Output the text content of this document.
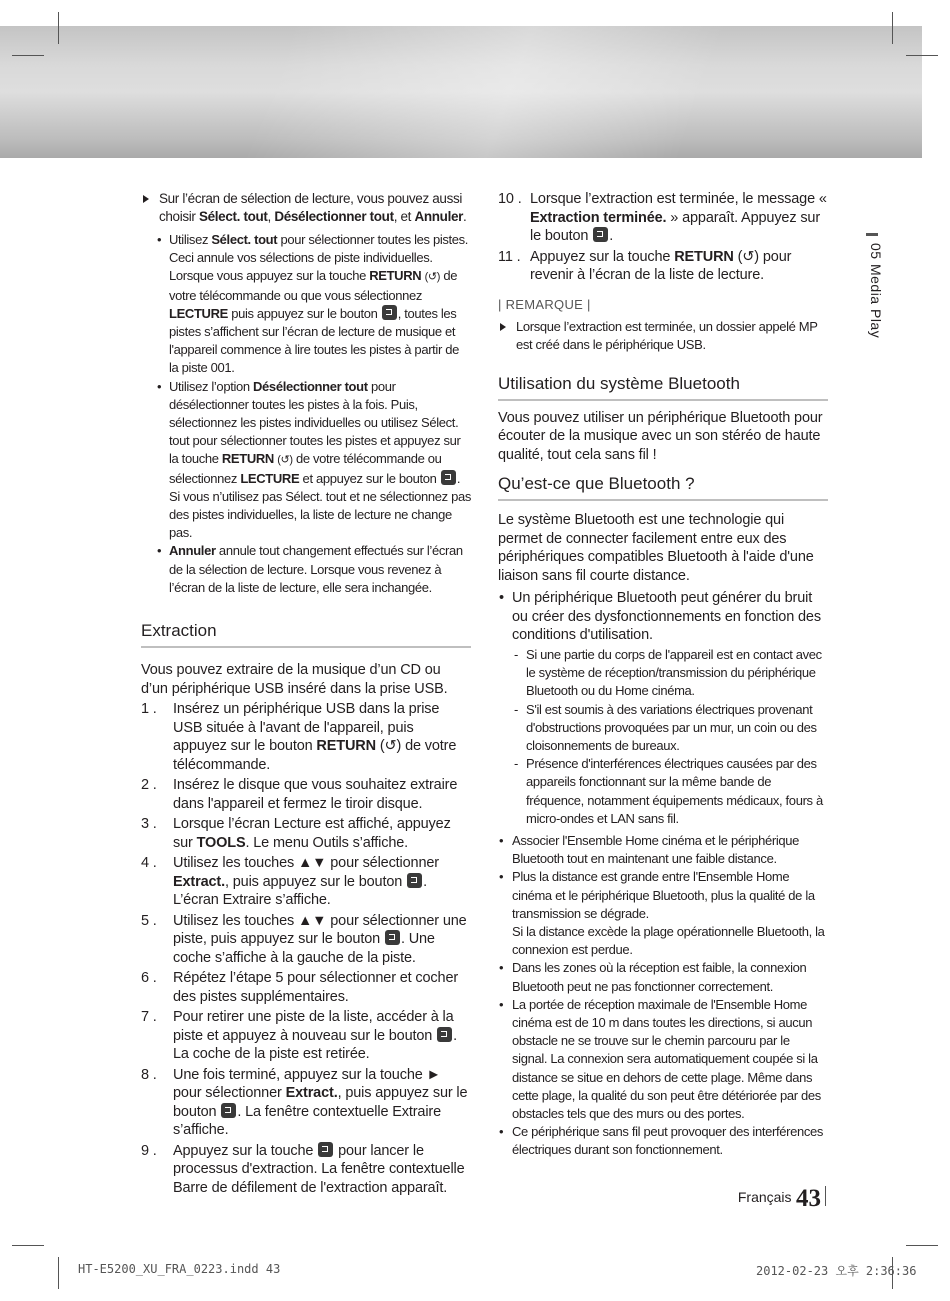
05 Media Play

Sur l’écran de sélection de lecture, vous pouvez aussi choisir Sélect. tout, Désélectionner tout, et Annuler.

• Utilisez Sélect. tout pour sélectionner toutes les pistes. Ceci annule vos sélections de piste individuelles. Lorsque vous appuyez sur la touche RETURN (↺) de votre télécommande ou que vous sélectionnez LECTURE puis appuyez sur le bouton , toutes les pistes s’affichent sur l’écran de lecture de musique et l'appareil commence à lire toutes les pistes à partir de la piste 001.
• Utilisez l’option Désélectionner tout pour désélectionner toutes les pistes à la fois. Puis, sélectionnez les pistes individuelles ou utilisez Sélect. tout pour sélectionner toutes les pistes et appuyez sur la touche RETURN (↺) de votre télécommande ou sélectionnez LECTURE et appuyez sur le bouton . Si vous n’utilisez pas Sélect. tout et ne sélectionnez pas des pistes individuelles, la liste de lecture ne change pas.
• Annuler annule tout changement effectués sur l’écran de la sélection de lecture. Lorsque vous revenez à l’écran de la liste de lecture, elle sera inchangée.
Extraction
Vous pouvez extraire de la musique d’un CD ou d’un périphérique USB inséré dans la prise USB.
1 . Insérez un périphérique USB dans la prise USB située à l'avant de l'appareil, puis appuyez sur le bouton RETURN (↺) de votre télécommande.
2 . Insérez le disque que vous souhaitez extraire dans l'appareil et fermez le tiroir disque.
3 . Lorsque l’écran Lecture est affiché, appuyez sur TOOLS. Le menu Outils s’affiche.
4 . Utilisez les touches ▲▼ pour sélectionner Extract., puis appuyez sur le bouton . L’écran Extraire s’affiche.
5 . Utilisez les touches ▲▼ pour sélectionner une piste, puis appuyez sur le bouton . Une coche s’affiche à la gauche de la piste.
6 . Répétez l’étape 5 pour sélectionner et cocher des pistes supplémentaires.
7 . Pour retirer une piste de la liste, accéder à la piste et appuyez à nouveau sur le bouton . La coche de la piste est retirée.
8 . Une fois terminé, appuyez sur la touche ► pour sélectionner Extract., puis appuyez sur le bouton . La fenêtre contextuelle Extraire s’affiche.
9 . Appuyez sur la touche  pour lancer le processus d'extraction. La fenêtre contextuelle Barre de défilement de l'extraction apparaît.
10 . Lorsque l’extraction est terminée, le message « Extraction terminée. » apparaît. Appuyez sur le bouton .
11 . Appuyez sur la touche RETURN (↺) pour revenir à l’écran de la liste de lecture.
| REMARQUE |

Lorsque l’extraction est terminée, un dossier appelé MP est créé dans le périphérique USB.

Utilisation du système Bluetooth
Vous pouvez utiliser un périphérique Bluetooth pour écouter de la musique avec un son stéréo de haute qualité, tout cela sans fil !
Qu’est-ce que Bluetooth ?
Le système Bluetooth est une technologie qui permet de connecter facilement entre eux des périphériques compatibles Bluetooth à l'aide d'une liaison sans fil courte distance.
• Un périphérique Bluetooth peut générer du bruit ou créer des dysfonctionnements en fonction des conditions d'utilisation.
- Si une partie du corps de l'appareil est en contact avec le système de réception/transmission du périphérique Bluetooth ou du Home cinéma.
- S'il est soumis à des variations électriques provenant d'obstructions provoquées par un mur, un coin ou des cloisonnements de bureaux.
- Présence d'interférences électriques causées par des appareils fonctionnant sur la même bande de fréquence, notamment équipements médicaux, fours à micro-ondes et LAN sans fil.
• Associer l'Ensemble Home cinéma et le périphérique Bluetooth tout en maintenant une faible distance.
• Plus la distance est grande entre l'Ensemble Home cinéma et le périphérique Bluetooth, plus la qualité de la transmission se dégrade.
Si la distance excède la plage opérationnelle Bluetooth, la connexion est perdue.
• Dans les zones où la réception est faible, la connexion Bluetooth peut ne pas fonctionner correctement.
• La portée de réception maximale de l'Ensemble Home cinéma est de 10 m dans toutes les directions, si aucun obstacle ne se trouve sur le chemin parcouru par le signal. La connexion sera automatiquement coupée si la distance se situe en dehors de cette plage. Même dans cette plage, la qualité du son peut être détériorée par des obstacles tels que des murs ou des portes.
• Ce périphérique sans fil peut provoquer des interférences électriques durant son fonctionnement.
Français 43
HT-E5200_XU_FRA_0223.indd 43	2012-02-23 오후 2:36:36
